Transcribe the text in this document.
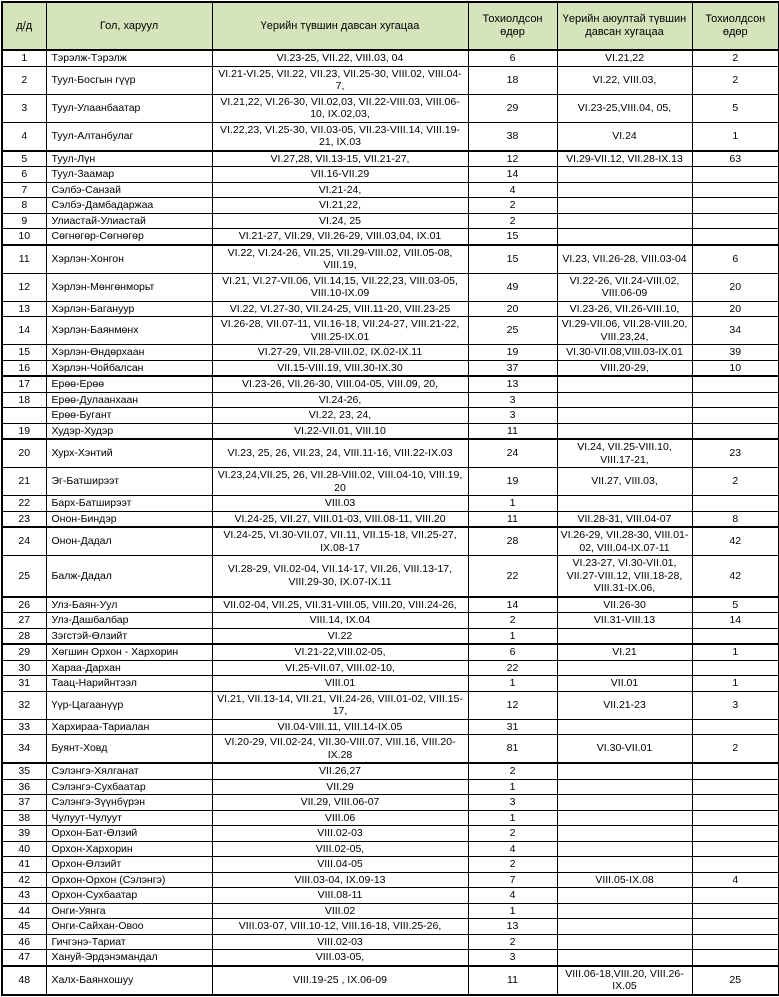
д/д	Гол, харуул	Үерийн түвшин давсан хугацаа	Тохиолдсон өдөр	Үерийн аюултай түвшин давсан хугацаа	Тохиолдсон өдөр
1	Тэрэлж-Тэрэлж	VI.23-25, VII.22, VIII.03, 04	6	VI.21,22	2
2	Туул-Босгын гүүр	VI.21-VI.25, VII.22, VII.23, VII.25-30, VIII.02, VIII.04-7,	18	VI.22, VIII.03,	2
3	Туул-Улаанбаатар	VI.21,22, VI.26-30, VII.02,03, VII.22-VIII.03, VIII.06-10, IX.02,03,	29	VI.23-25,VIII.04, 05,	5
4	Туул-Алтанбулаг	VI.22,23, VI.25-30, VII.03-05, VII.23-VIII.14, VIII.19-21, IX.03	38	VI.24	1
5	Туул-Лүн	VI.27,28, VII.13-15, VII.21-27,	12	VI.29-VII.12, VII.28-IX.13	63
6	Туул-Заамар	VII.16-VII.29	14		
7	Сэлбэ-Санзай	VI.21-24,	4		
8	Сэлбэ-Дамбадаржаа	VI.21,22,	2		
9	Улиастай-Улиастай	VI.24, 25	2		
10	Сөгнөгөр-Сөгнөгөр	VI.21-27, VII.29, VII.26-29, VIII.03,04, IX.01	15		
11	Хэрлэн-Хонгон	VI.22, VI.24-26, VII.25, VII.29-VIII.02, VIII.05-08, VIII.19,	15	VI.23, VII.26-28, VIII.03-04	6
12	Хэрлэн-Мөнгөнморьт	VI.21, VI.27-VII.06, VII.14,15, VII.22,23, VIII.03-05, VIII.10-IX.09	49	VI.22-26, VII.24-VIII.02, VIII.06-09	20
13	Хэрлэн-Багануур	VI.22, VI.27-30, VII.24-25, VIII.11-20, VIII.23-25	20	VI.23-26, VII.26-VIII.10,	20
14	Хэрлэн-Баянмөнх	VI.26-28, VII.07-11, VII.16-18, VII.24-27, VIII.21-22, VIII.25-IX.01	25	VI.29-VII.06, VII.28-VIII.20, VIII.23,24,	34
15	Хэрлэн-Өндөрхаан	VI.27-29, VII.28-VIII.02, IX.02-IX.11	19	VI.30-VII.08,VIII.03-IX.01	39
16	Хэрлэн-Чойбалсан	VII.15-VIII.19, VIII.30-IX.30	37	VIII.20-29,	10
17	Ерөө-Ерөө	VI.23-26, VII.26-30, VIII.04-05, VIII.09, 20,	13		
18	Ерөө-Дулаанхаан	VI.24-26,	3		
	Ерөө-Бугант	VI.22, 23, 24,	3		
19	Худэр-Худэр	VI.22-VII.01, VIII.10	11		
20	Хурх-Хэнтий	VI.23, 25, 26, VII.23, 24, VIII.11-16, VIII.22-IX.03	24	VI.24, VII.25-VIII.10, VIII.17-21,	23
21	Эг-Батширээт	VI.23,24,VII.25, 26, VII.28-VIII.02, VIII.04-10, VIII.19, 20	19	VII.27, VIII.03,	2
22	Барх-Батширээт	VIII.03	1		
23	Онон-Биндэр	VI.24-25, VII.27, VIII.01-03, VIII.08-11, VIII.20	11	VII.28-31, VIII.04-07	8
24	Онон-Дадал	VI.24-25, VI.30-VII.07, VII.11, VII.15-18, VII.25-27, IX.08-17	28	VI.26-29, VII.28-30, VIII.01-02, VIII.04-IX.07-11	42
25	Балж-Дадал	VI.28-29, VII.02-04, VII.14-17, VII.26, VIII.13-17, VIII.29-30, IX.07-IX.11	22	VI.23-27, VI.30-VII.01, VII.27-VIII.12, VIII.18-28, VIII.31-IX.06,	42
26	Улз-Баян-Уул	VII.02-04, VII.25, VII.31-VIII.05, VIII.20, VIII.24-26,	14	VII.26-30	5
27	Улз-Дашбалбар	VIII.14, IX.04	2	VII.31-VIII.13	14
28	Зэгстэй-Өлзийт	VI.22	1		
29	Хөгшин Орхон - Хархорин	VI.21-22,VIII.02-05,	6	VI.21	1
30	Хараа-Дархан	VI.25-VII.07, VIII.02-10,	22		
31	Таац-Нарийнтээл	VIII.01	1	VII.01	1
32	Үүр-Цагаанүүр	VI.21, VII.13-14, VII.21, VII.24-26, VIII.01-02, VIII.15-17,	12	VII.21-23	3
33	Хархираа-Тариалан	VII.04-VIII.11, VIII.14-IX.05	31		
34	Буянт-Ховд	VI.20-29, VII.02-24, VII.30-VIII.07, VIII.16, VIII.20-IX.28	81	VI.30-VII.01	2
35	Сэлэнгэ-Хялганат	VII.26,27	2		
36	Сэлэнгэ-Сухбаатар	VII.29	1		
37	Сэлэнгэ-Зүүнбүрэн	VII.29, VIII.06-07	3		
38	Чулуут-Чулуут	VIII.06	1		
39	Орхон-Бат-Өлзий	VIII.02-03	2		
40	Орхон-Хархорин	VIII.02-05,	4		
41	Орхон-Өлзийт	VIII.04-05	2		
42	Орхон-Орхон (Сэлэнгэ)	VIII.03-04, IX.09-13	7	VIII.05-IX.08	4
43	Орхон-Сухбаатар	VIII.08-11	4		
44	Онги-Уянга	VIII.02	1		
45	Онги-Сайхан-Овоо	VIII.03-07, VIII.10-12, VIII.16-18, VIII.25-26,	13		
46	Гичгэнэ-Тариат	VIII.02-03	2		
47	Хануй-Эрдэнэмандал	VIII.03-05,	3		
48	Халх-Баянхошуу	VIII.19-25 , IX.06-09	11	VIII.06-18,VIII.20, VIII.26-IX.05	25
